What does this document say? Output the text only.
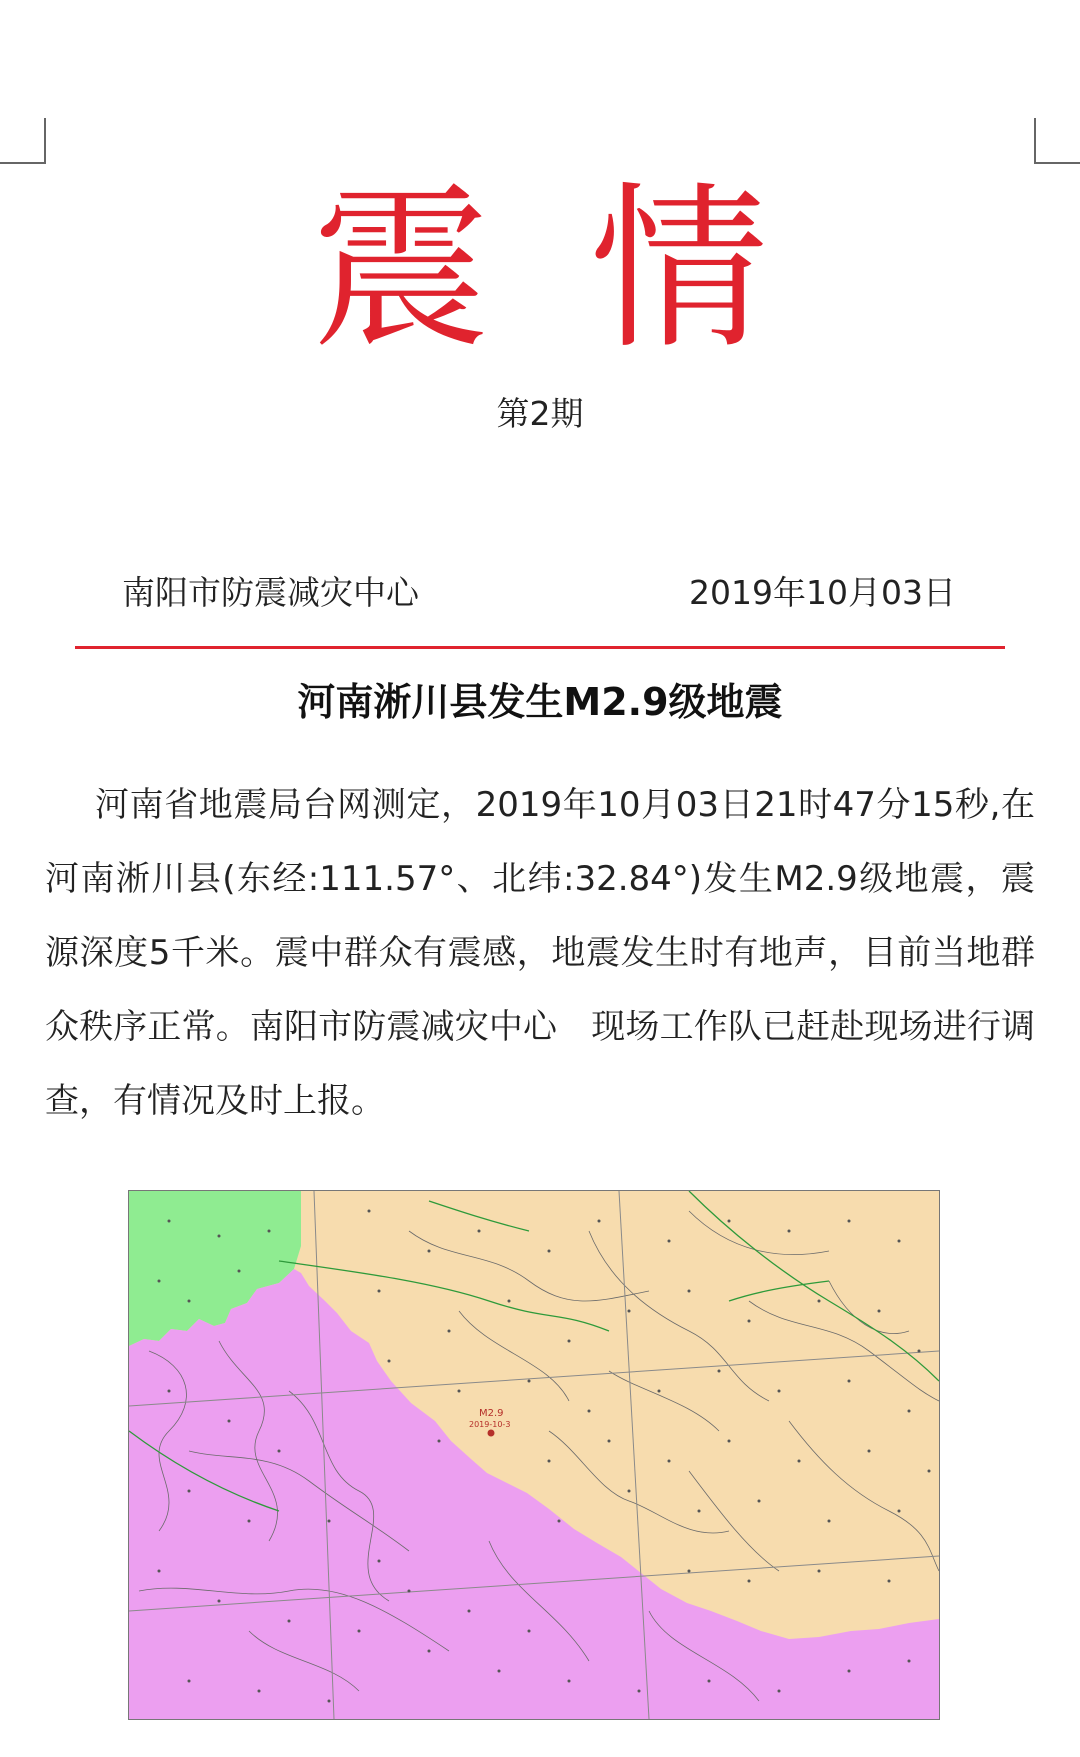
震情
第2期
南阳市防震减灾中心	2019年10月03日
河南淅川县发生M2.9级地震
河南省地震局台网测定，2019年10月03日21时47分15秒,在河南淅川县(东经:111.57°、北纬:32.84°)发生M2.9级地震，震源深度5千米。震中群众有震感，地震发生时有地声，目前当地群众秩序正常。南阳市防震减灾中心　现场工作队已赶赴现场进行调查，有情况及时上报。
M2.9
2019-10-3
